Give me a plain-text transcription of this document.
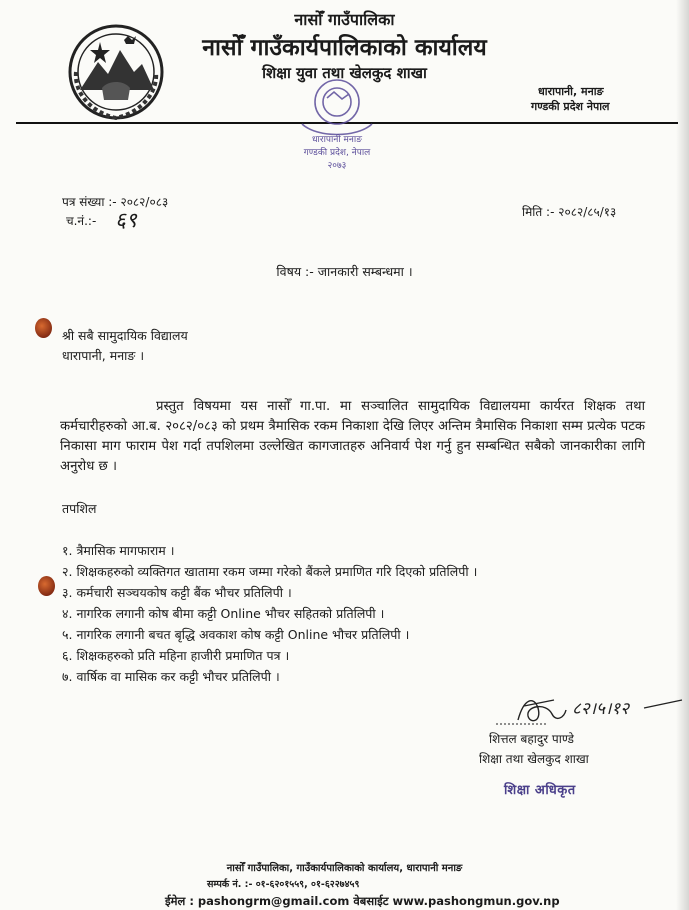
नासोँ गाउँपालिका
नासोँ गाउँकार्यपालिकाको कार्यालय
शिक्षा युवा तथा खेलकुद शाखा
धारापानी, मनाङ
गण्डकी प्रदेश नेपाल
धारापानी मनाङ
गण्डकी प्रदेश, नेपाल
२०७३
पत्र संख्या :- २०८२/०८३
च.नं.:- ६९	मिति :- २०८२/८५/१३
विषय :- जानकारी सम्बन्धमा ।
श्री सबै सामुदायिक विद्यालय
धारापानी, मनाङ ।
प्रस्तुत विषयमा यस नासोँ गा.पा. मा सञ्चालित सामुदायिक विद्यालयमा कार्यरत शिक्षक तथा कर्मचारीहरुको आ.ब. २०८२/०८३ को प्रथम त्रैमासिक रकम निकाशा देखि लिएर अन्तिम त्रैमासिक निकाशा सम्म प्रत्येक पटक निकासा माग फाराम पेश गर्दा तपशिलमा उल्लेखित कागजातहरु अनिवार्य पेश गर्नु हुन सम्बन्धित सबैको जानकारीका लागि अनुरोध छ ।
तपशिल
१. त्रैमासिक मागफाराम ।
२. शिक्षकहरुको व्यक्तिगत खातामा रकम जम्मा गरेको बैंकले प्रमाणित गरि दिएको प्रतिलिपी ।
३. कर्मचारी सञ्चयकोष कट्टी बैंक भौचर प्रतिलिपी ।
४. नागरिक लगानी कोष बीमा कट्टी Online भौचर सहितको प्रतिलिपी ।
५. नागरिक लगानी बचत बृद्धि अवकाश कोष कट्टी Online भौचर प्रतिलिपी ।
६. शिक्षकहरुको प्रति महिना हाजीरी प्रमाणित पत्र ।
७. वार्षिक वा मासिक कर कट्टी भौचर प्रतिलिपी ।
८२।५।१२
शित्तल बहादुर पाण्डे
शिक्षा तथा खेलकुद शाखा
शिक्षा अधिकृत
नासोँ गाउँपालिका, गाउँकार्यपालिकाको कार्यालय, धारापानी मनाङ
सम्पर्क नं. :- ०१-६२०१५५९, ०१-६२२७४५९
ईमेल : pashongrm@gmail.com वेबसाईट www.pashongmun.gov.np
